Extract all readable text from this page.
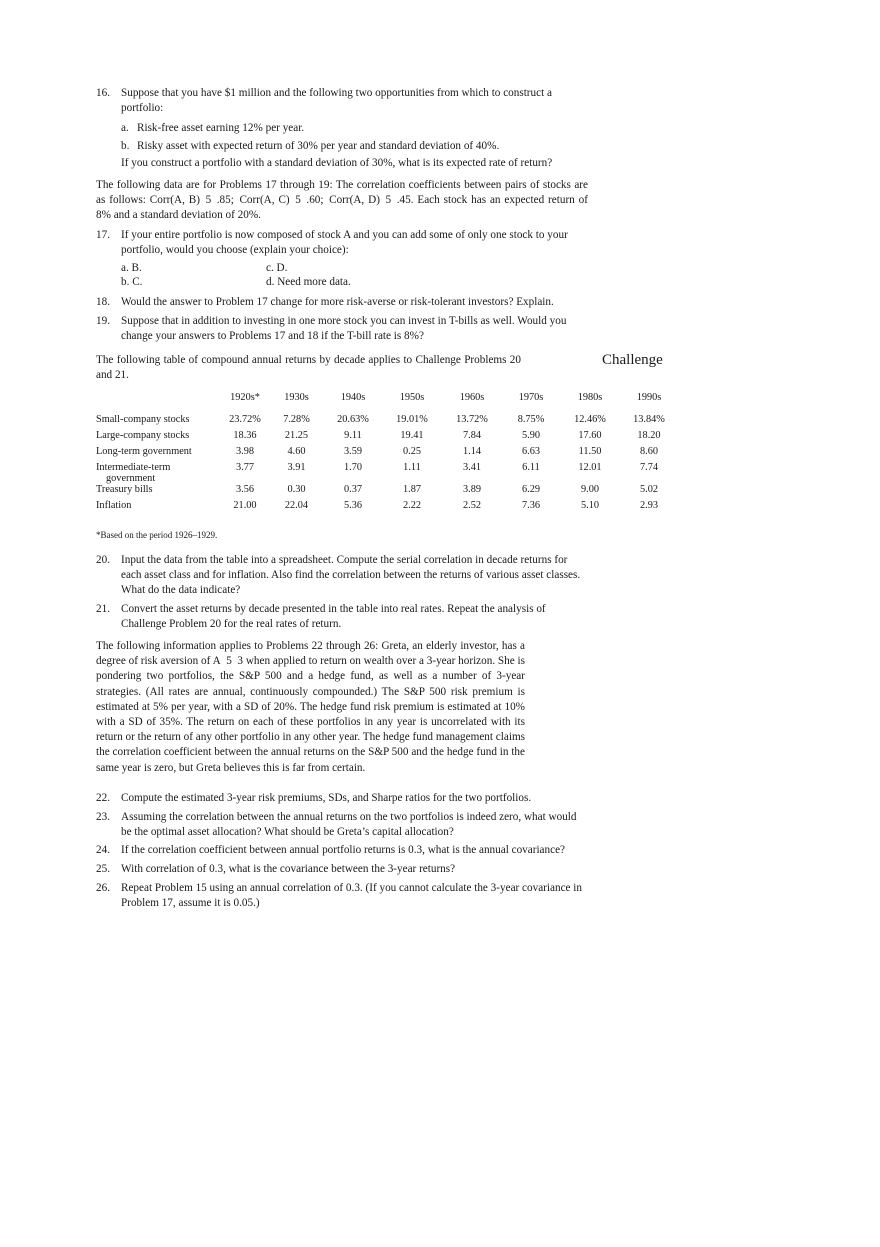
16. Suppose that you have $1 million and the following two opportunities from which to construct a portfolio:
a. Risk-free asset earning 12% per year.
b. Risky asset with expected return of 30% per year and standard deviation of 40%.
If you construct a portfolio with a standard deviation of 30%, what is its expected rate of return?

The following data are for Problems 17 through 19: The correlation coefficients between pairs of stocks are as follows: Corr(A, B) 5 .85; Corr(A, C) 5 .60; Corr(A, D) 5 .45. Each stock has an expected return of 8% and a standard deviation of 20%.

17. If your entire portfolio is now composed of stock A and you can add some of only one stock to your portfolio, would you choose (explain your choice):
a. B.	c. D.
b. C.	d. Need more data.
18. Would the answer to Problem 17 change for more risk-averse or risk-tolerant investors? Explain.
19. Suppose that in addition to investing in one more stock you can invest in T-bills as well. Would you change your answers to Problems 17 and 18 if the T-bill rate is 8%?

The following table of compound annual returns by decade applies to Challenge Problems 20 and 21.

Challenge
	1920s*	1930s	1940s	1950s	1960s	1970s	1980s	1990s
Small-company stocks	23.72%	7.28%	20.63%	19.01%	13.72%	8.75%	12.46%	13.84%
Large-company stocks	18.36	21.25	9.11	19.41	7.84	5.90	17.60	18.20
Long-term government	3.98	4.60	3.59	0.25	1.14	6.63	11.50	8.60

Intermediate-term
government	3.77	3.91	1.70	1.11	3.41	6.11	12.01	7.74
Treasury bills	3.56	0.30	0.37	1.87	3.89	6.29	9.00	5.02
Inflation	21.00	22.04	5.36	2.22	2.52	7.36	5.10	2.93
*Based on the period 1926–1929.
20. Input the data from the table into a spreadsheet. Compute the serial correlation in decade returns for each asset class and for inflation. Also find the correlation between the returns of various asset classes. What do the data indicate?
21. Convert the asset returns by decade presented in the table into real rates. Repeat the analysis of Challenge Problem 20 for the real rates of return.

The following information applies to Problems 22 through 26: Greta, an elderly investor, has a degree of risk aversion of A 5 3 when applied to return on wealth over a 3-year horizon. She is pondering two portfolios, the S&P 500 and a hedge fund, as well as a number of 3-year strategies. (All rates are annual, continuously compounded.) The S&P 500 risk premium is estimated at 5% per year, with a SD of 20%. The hedge fund risk premium is estimated at 10% with a SD of 35%. The return on each of these portfolios in any year is uncorrelated with its return or the return of any other portfolio in any other year. The hedge fund management claims the correlation coefficient between the annual returns on the S&P 500 and the hedge fund in the same year is zero, but Greta believes this is far from certain.

22. Compute the estimated 3-year risk premiums, SDs, and Sharpe ratios for the two portfolios.
23. Assuming the correlation between the annual returns on the two portfolios is indeed zero, what would be the optimal asset allocation? What should be Greta’s capital allocation?
24. If the correlation coefficient between annual portfolio returns is 0.3, what is the annual covariance?
25. With correlation of 0.3, what is the covariance between the 3-year returns?
26. Repeat Problem 15 using an annual correlation of 0.3. (If you cannot calculate the 3-year covariance in Problem 17, assume it is 0.05.)
